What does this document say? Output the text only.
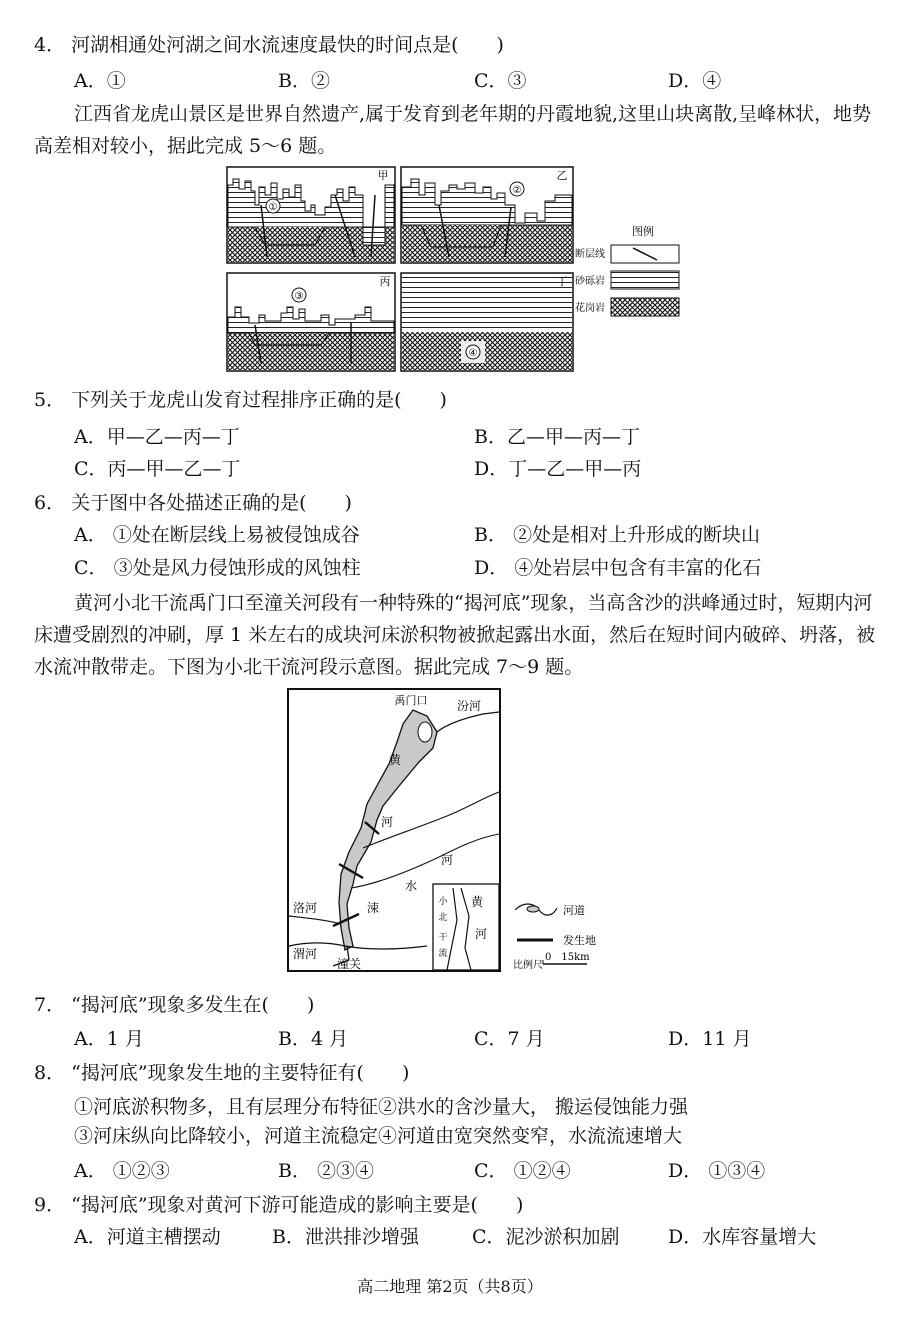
4． 河湖相通处河湖之间水流速度最快的时间点是(　　)
A．①	B．②	C．③	D．④
江西省龙虎山景区是世界自然遗产,属于发育到老年期的丹霞地貌,这里山块离散,呈峰林状，地势高差相对较小，据此完成 5～6 题。
①
甲
②
乙
③
丙
④
丁
图例
断层线
砂砾岩
花岗岩
5． 下列关于龙虎山发育过程排序正确的是(　　)
A．甲—乙—丙—丁	B．乙—甲—丙—丁
C．丙—甲—乙—丁	D．丁—乙—甲—丙
6． 关于图中各处描述正确的是(　　)
A． ①处在断层线上易被侵蚀成谷	B． ②处是相对上升形成的断块山
C． ③处是风力侵蚀形成的风蚀柱	D． ④处岩层中包含有丰富的化石
黄河小北干流禹门口至潼关河段有一种特殊的“揭河底”现象，当高含沙的洪峰通过时，短期内河床遭受剧烈的冲刷，厚 1 米左右的成块河床淤积物被掀起露出水面，然后在短时间内破碎、坍落，被水流冲散带走。下图为小北干流河段示意图。据此完成 7～9 题。
禹门口 汾河
黄
河
河
水
洛河	涑
渭河
潼关
小
北
干
流
黄
河
河道
发生地
比例尺
0　15km
7． “揭河底”现象多发生在(　　)
A．1 月	B．4 月	C．7 月	D．11 月
8． “揭河底”现象发生地的主要特征有(　　)
①河底淤积物多，且有层理分布特征②洪水的含沙量大， 搬运侵蚀能力强
③河床纵向比降较小，河道主流稳定④河道由宽突然变窄，水流流速增大
A． ①②③	B． ②③④	C． ①②④	D． ①③④
9． “揭河底”现象对黄河下游可能造成的影响主要是(　　)
A．河道主槽摆动	B．泄洪排沙增强	C．泥沙淤积加剧	D．水库容量增大
高二地理 第2页（共8页）
